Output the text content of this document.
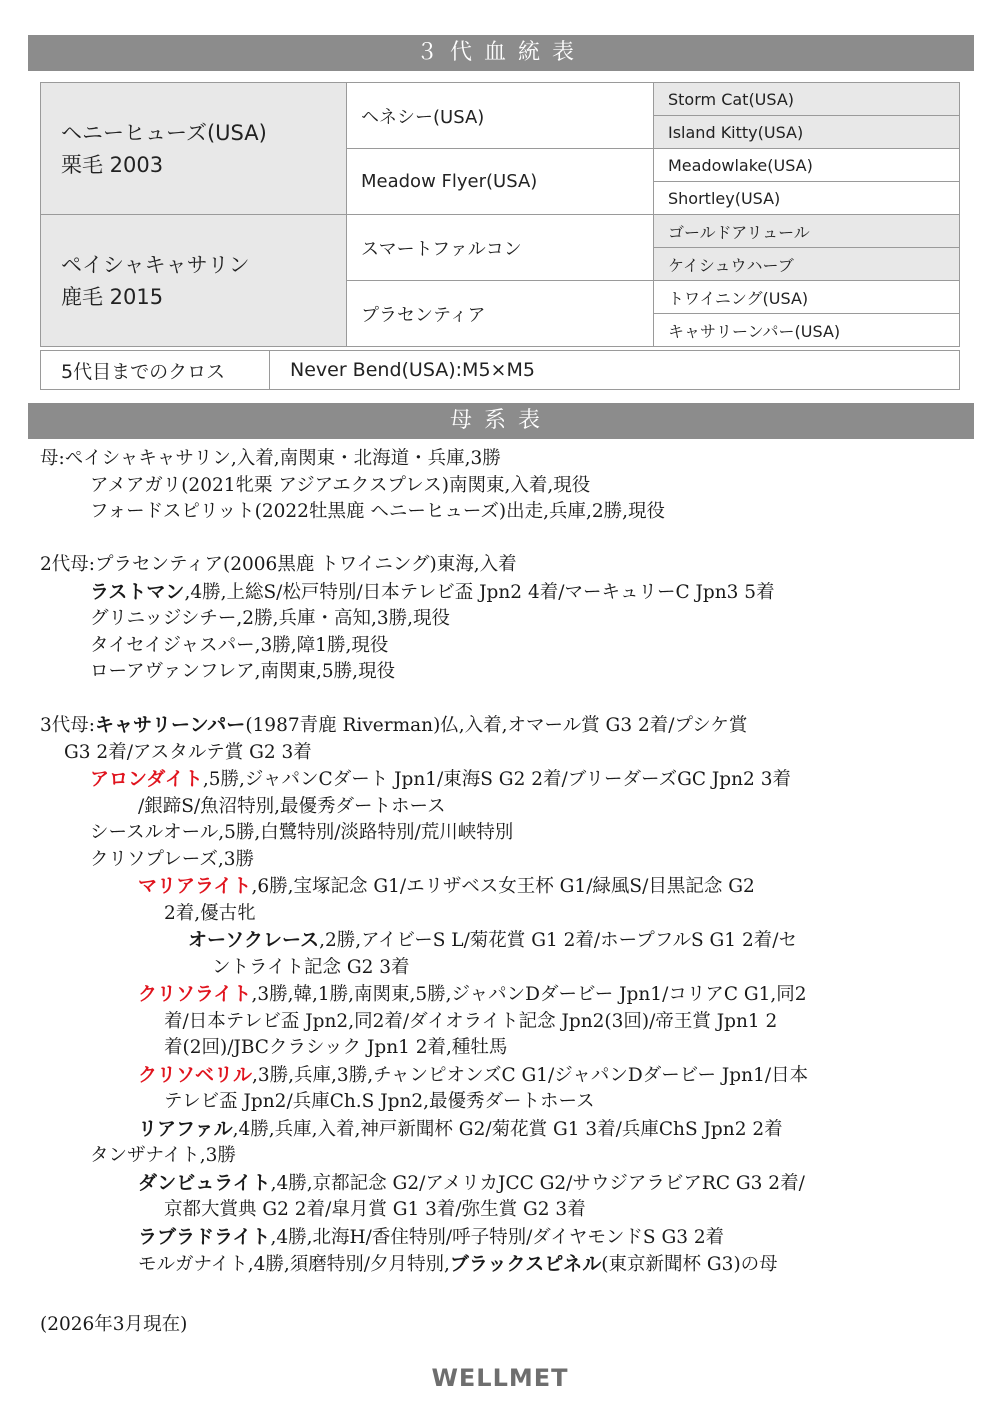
３代血統表
ヘニーヒューズ(USA)
栗毛 2003	ヘネシー(USA)	Storm Cat(USA)
		Island Kitty(USA)
	Meadow Flyer(USA)	Meadowlake(USA)
		Shortley(USA)

ペイシャキャサリン
鹿毛 2015	スマートファルコン	ゴールドアリュール
		ケイシュウハーブ
	プラセンティア	トワイニング(USA)
		キャサリーンパー(USA)
5代目までのクロス	Never Bend(USA):M5×M5
母系表
母:ペイシャキャサリン,入着,南関東・北海道・兵庫,3勝
アメアガリ(2021牝栗 アジアエクスプレス)南関東,入着,現役
フォードスピリット(2022牡黒鹿 ヘニーヒューズ)出走,兵庫,2勝,現役
2代母:プラセンティア(2006黒鹿 トワイニング)東海,入着
ラストマン,4勝,上総S/松戸特別/日本テレビ盃 Jpn2 4着/マーキュリーC Jpn3 5着
グリニッジシチー,2勝,兵庫・高知,3勝,現役
タイセイジャスパー,3勝,障1勝,現役
ローアヴァンフレア,南関東,5勝,現役
3代母:キャサリーンパー(1987青鹿 Riverman)仏,入着,オマール賞 G3 2着/プシケ賞
G3 2着/アスタルテ賞 G2 3着
アロンダイト,5勝,ジャパンCダート Jpn1/東海S G2 2着/ブリーダーズGC Jpn2 3着
/銀蹄S/魚沼特別,最優秀ダートホース
シースルオール,5勝,白鷺特別/淡路特別/荒川峡特別
クリソプレーズ,3勝
マリアライト,6勝,宝塚記念 G1/エリザベス女王杯 G1/緑風S/目黒記念 G2
2着,優古牝
オーソクレース,2勝,アイビーS L/菊花賞 G1 2着/ホープフルS G1 2着/セ
ントライト記念 G2 3着
クリソライト,3勝,韓,1勝,南関東,5勝,ジャパンDダービー Jpn1/コリアC G1,同2
着/日本テレビ盃 Jpn2,同2着/ダイオライト記念 Jpn2(3回)/帝王賞 Jpn1 2
着(2回)/JBCクラシック Jpn1 2着,種牡馬
クリソベリル,3勝,兵庫,3勝,チャンピオンズC G1/ジャパンDダービー Jpn1/日本
テレビ盃 Jpn2/兵庫Ch.S Jpn2,最優秀ダートホース
リアファル,4勝,兵庫,入着,神戸新聞杯 G2/菊花賞 G1 3着/兵庫ChS Jpn2 2着
タンザナイト,3勝
ダンビュライト,4勝,京都記念 G2/アメリカJCC G2/サウジアラビアRC G3 2着/
京都大賞典 G2 2着/皐月賞 G1 3着/弥生賞 G2 3着
ラブラドライト,4勝,北海H/香住特別/呼子特別/ダイヤモンドS G3 2着
モルガナイト,4勝,須磨特別/夕月特別,ブラックスピネル(東京新聞杯 G3)の母
(2026年3月現在)
WELLMET
